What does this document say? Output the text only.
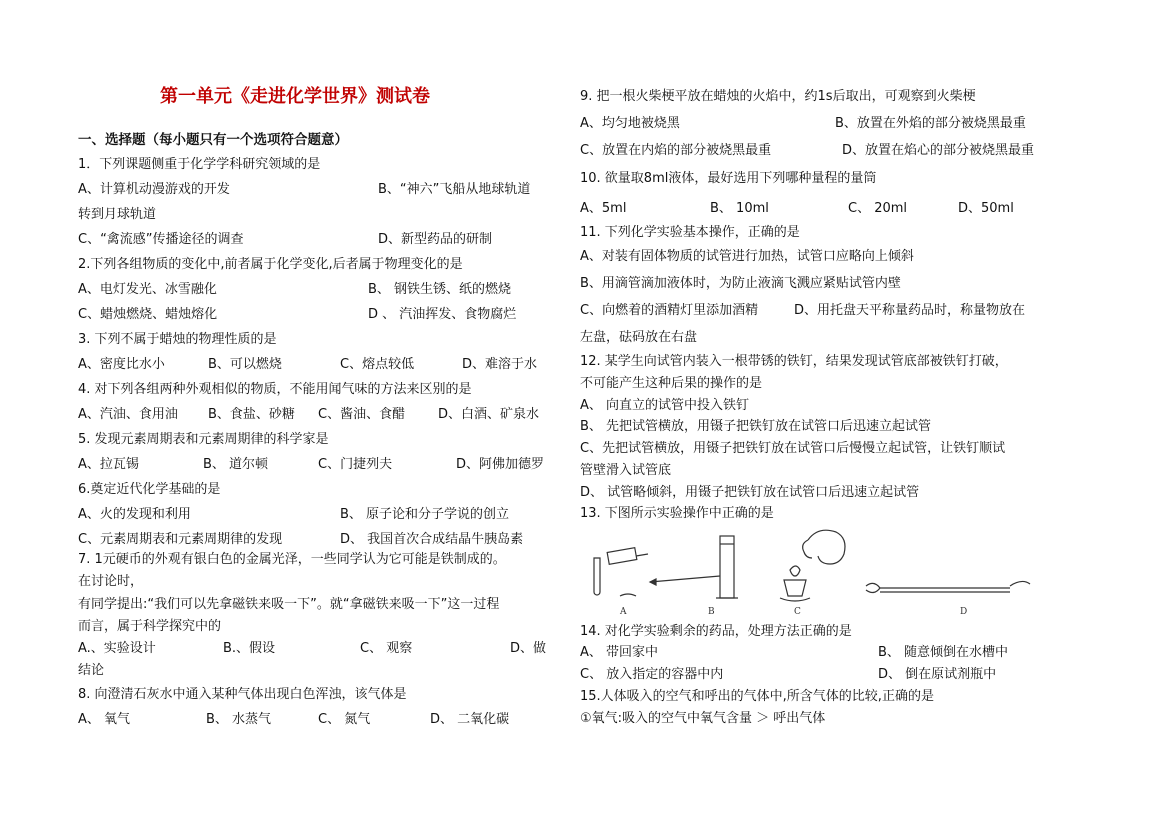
第一单元《走进化学世界》测试卷
一、选择题（每小题只有一个选项符合题意）
1．下列课题侧重于化学学科研究领域的是
A、计算机动漫游戏的开发	B、“神六”飞船从地球轨道
转到月球轨道
C、“禽流感”传播途径的调查	D、新型药品的研制
2.下列各组物质的变化中,前者属于化学变化,后者属于物理变化的是
A、电灯发光、冰雪融化	B、 钢铁生锈、纸的燃烧
C、蜡烛燃烧、蜡烛熔化	D 、 汽油挥发、食物腐烂
3. 下列不属于蜡烛的物理性质的是
A、密度比水小	B、可以燃烧	C、熔点较低	D、难溶于水
4. 对下列各组两种外观相似的物质，不能用闻气味的方法来区别的是
A、汽油、食用油 B、食盐、砂糖 C、酱油、食醋	D、白酒、矿泉水
5. 发现元素周期表和元素周期律的科学家是
A、拉瓦锡	B、 道尔顿	C、门捷列夫	D、阿佛加德罗
6.奠定近代化学基础的是
A、火的发现和利用	B、 原子论和分子学说的创立
C、元素周期表和元素周期律的发现	D、 我国首次合成结晶牛胰岛素
7. 1元硬币的外观有银白色的金属光泽，一些同学认为它可能是铁制成的。
在讨论时，
有同学提出:“我们可以先拿磁铁来吸一下”。就“拿磁铁来吸一下”这一过程
而言，属于科学探究中的
A.、实验设计	B.、假设	C、 观察	D、做
结论
8. 向澄清石灰水中通入某种气体出现白色浑浊，该气体是
A、 氧气	B、 水蒸气	C、 氮气	D、 二氧化碳
A	B	C	D
9. 把一根火柴梗平放在蜡烛的火焰中，约1s后取出，可观察到火柴梗
A、均匀地被烧黑	B、放置在外焰的部分被烧黑最重
C、放置在内焰的部分被烧黑最重	D、放置在焰心的部分被烧黑最重
10. 欲量取8ml液体，最好选用下列哪种量程的量筒
A、5ml	B、 10ml	C、 20ml	D、50ml
11. 下列化学实验基本操作，正确的是
A、对装有固体物质的试管进行加热，试管口应略向上倾斜
B、用滴管滴加液体时，为防止液滴飞溅应紧贴试管内壁
C、向燃着的酒精灯里添加酒精	D、用托盘天平称量药品时，称量物放在
左盘，砝码放在右盘
12. 某学生向试管内装入一根带锈的铁钉，结果发现试管底部被铁钉打破，
不可能产生这种后果的操作的是
A、 向直立的试管中投入铁钉
B、 先把试管横放，用镊子把铁钉放在试管口后迅速立起试管
C、先把试管横放，用镊子把铁钉放在试管口后慢慢立起试管，让铁钉顺试
管壁滑入试管底
D、 试管略倾斜，用镊子把铁钉放在试管口后迅速立起试管
13. 下图所示实验操作中正确的是
14. 对化学实验剩余的药品，处理方法正确的是
A、 带回家中	B、 随意倾倒在水槽中
C、 放入指定的容器中内	D、 倒在原试剂瓶中
15.人体吸入的空气和呼出的气体中,所含气体的比较,正确的是
①氧气:吸入的空气中氧气含量 ＞ 呼出气体
